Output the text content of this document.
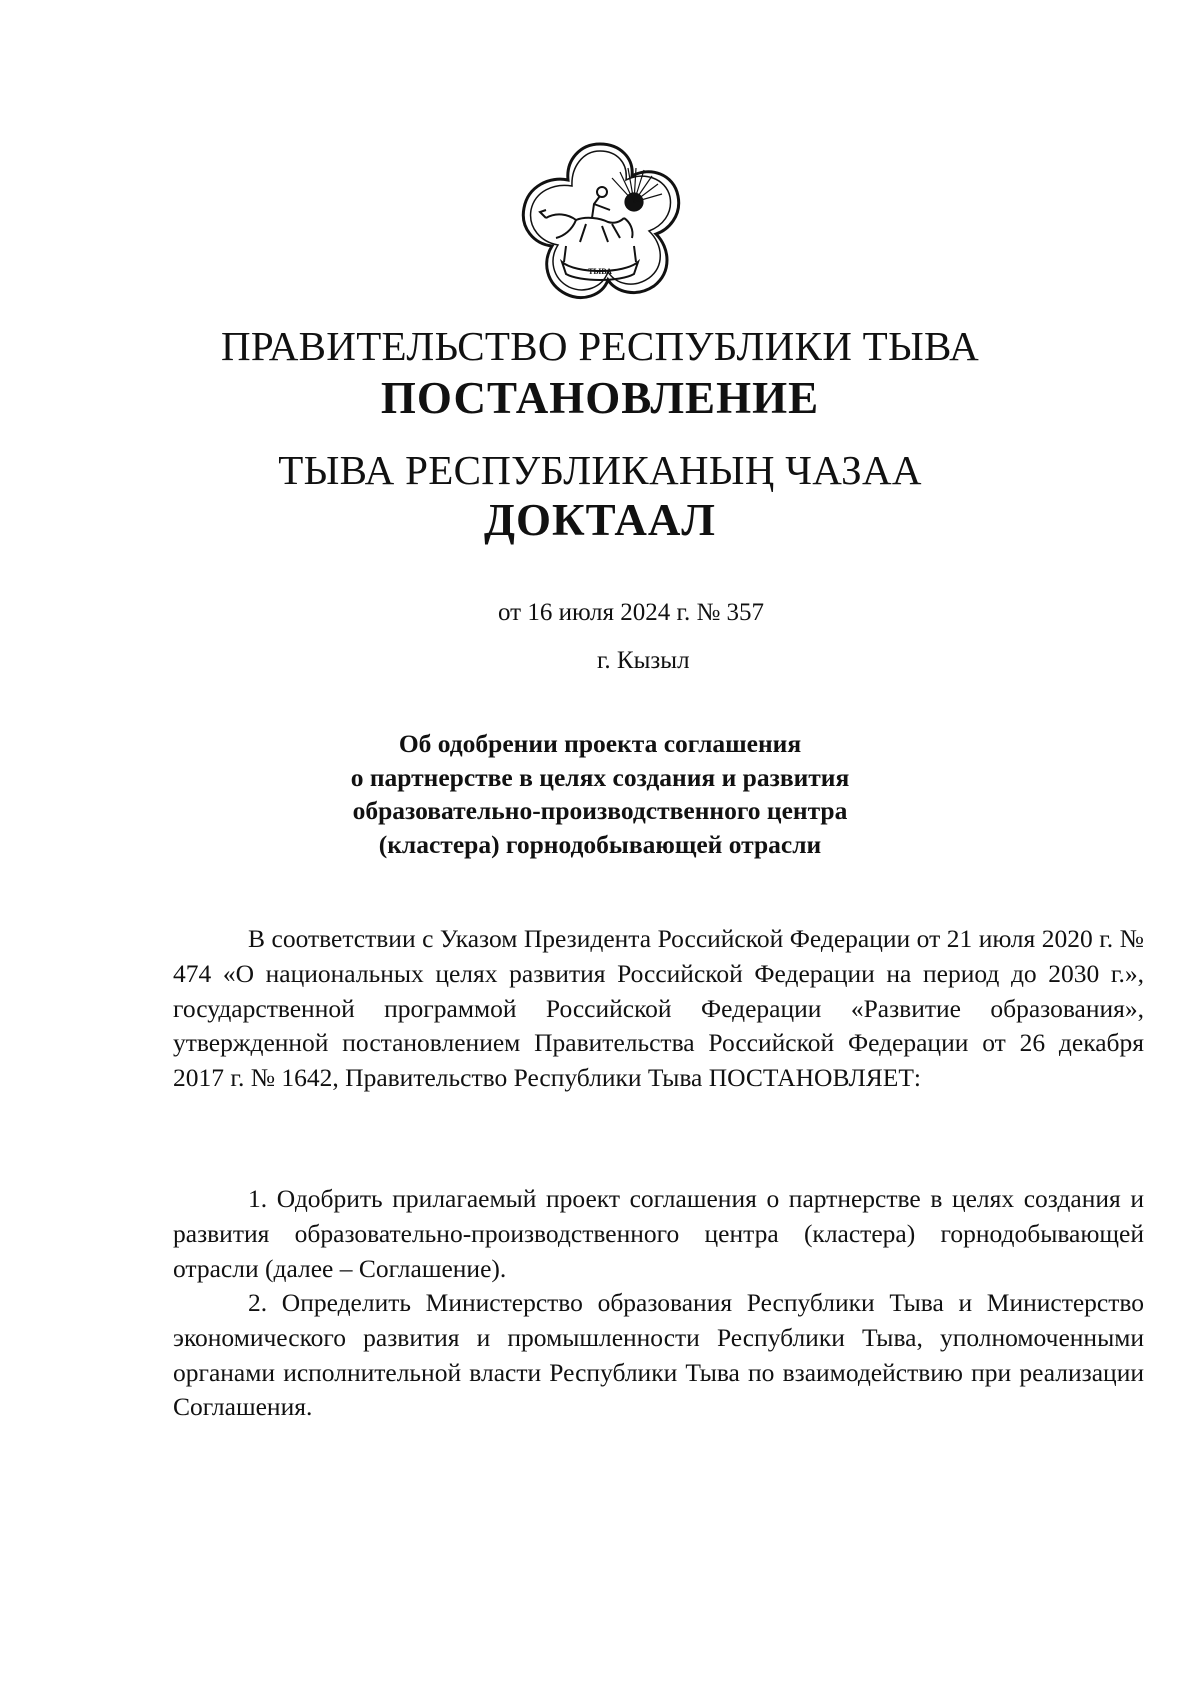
ТЫВА
ПРАВИТЕЛЬСТВО РЕСПУБЛИКИ ТЫВА
ПОСТАНОВЛЕНИЕ
ТЫВА РЕСПУБЛИКАНЫҢ ЧАЗАА
ДОКТААЛ
от 16 июля 2024 г. № 357
г. Кызыл
Об одобрении проекта соглашения
о партнерстве в целях создания и развития
образовательно-производственного центра
(кластера) горнодобывающей отрасли
В соответствии с Указом Президента Российской Федерации от 21 июля 2020 г. № 474 «О национальных целях развития Российской Федерации на период до 2030 г.», государственной программой Российской Федерации «Развитие образования», утвержденной постановлением Правительства Российской Федерации от 26 декабря 2017 г. № 1642, Правительство Республики Тыва ПОСТАНОВЛЯЕТ:
1. Одобрить прилагаемый проект соглашения о партнерстве в целях создания и развития образовательно-производственного центра (кластера) горнодобывающей отрасли (далее – Соглашение).
2. Определить Министерство образования Республики Тыва и Министерство экономического развития и промышленности Республики Тыва, уполномоченными органами исполнительной власти Республики Тыва по взаимодействию при реализации Соглашения.
